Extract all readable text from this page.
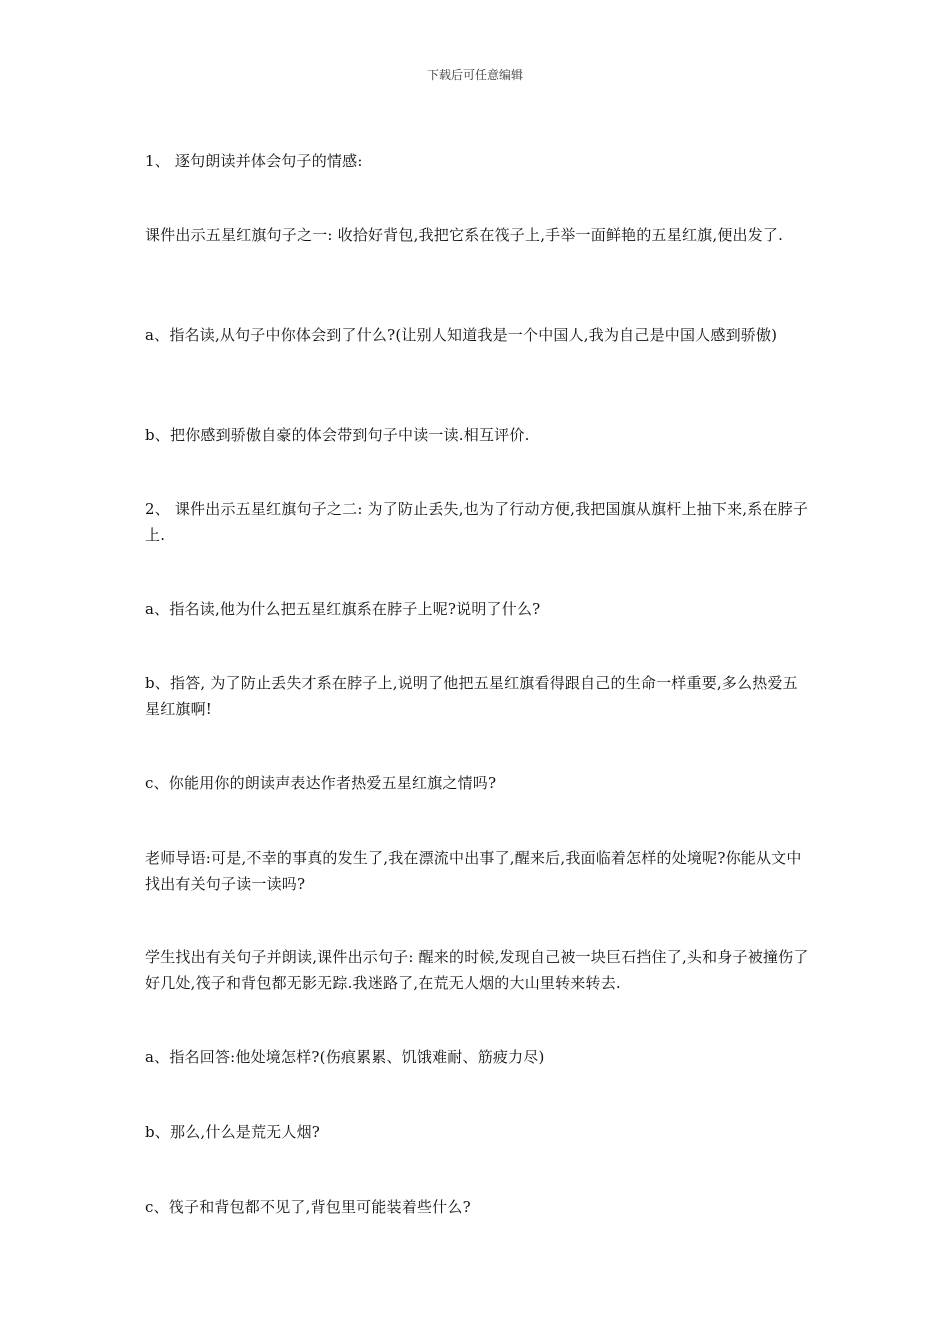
下载后可任意编辑
1、 逐句朗读并体会句子的情感:
课件出示五星红旗句子之一: 收拾好背包,我把它系在筏子上,手举一面鲜艳的五星红旗,便出发了.
a、指名读,从句子中你体会到了什么?(让别人知道我是一个中国人,我为自己是中国人感到骄傲)
b、把你感到骄傲自豪的体会带到句子中读一读.相互评价.
2、 课件出示五星红旗句子之二: 为了防止丢失,也为了行动方便,我把国旗从旗杆上抽下来,系在脖子上.
a、指名读,他为什么把五星红旗系在脖子上呢?说明了什么?
b、指答, 为了防止丢失才系在脖子上,说明了他把五星红旗看得跟自己的生命一样重要,多么热爱五星红旗啊!
c、你能用你的朗读声表达作者热爱五星红旗之情吗?
老师导语:可是,不幸的事真的发生了,我在漂流中出事了,醒来后,我面临着怎样的处境呢?你能从文中找出有关句子读一读吗?
学生找出有关句子并朗读,课件出示句子: 醒来的时候,发现自己被一块巨石挡住了,头和身子被撞伤了好几处,筏子和背包都无影无踪.我迷路了,在荒无人烟的大山里转来转去.
a、指名回答:他处境怎样?(伤痕累累、饥饿难耐、筋疲力尽)
b、那么,什么是荒无人烟?
c、筏子和背包都不见了,背包里可能装着些什么?
